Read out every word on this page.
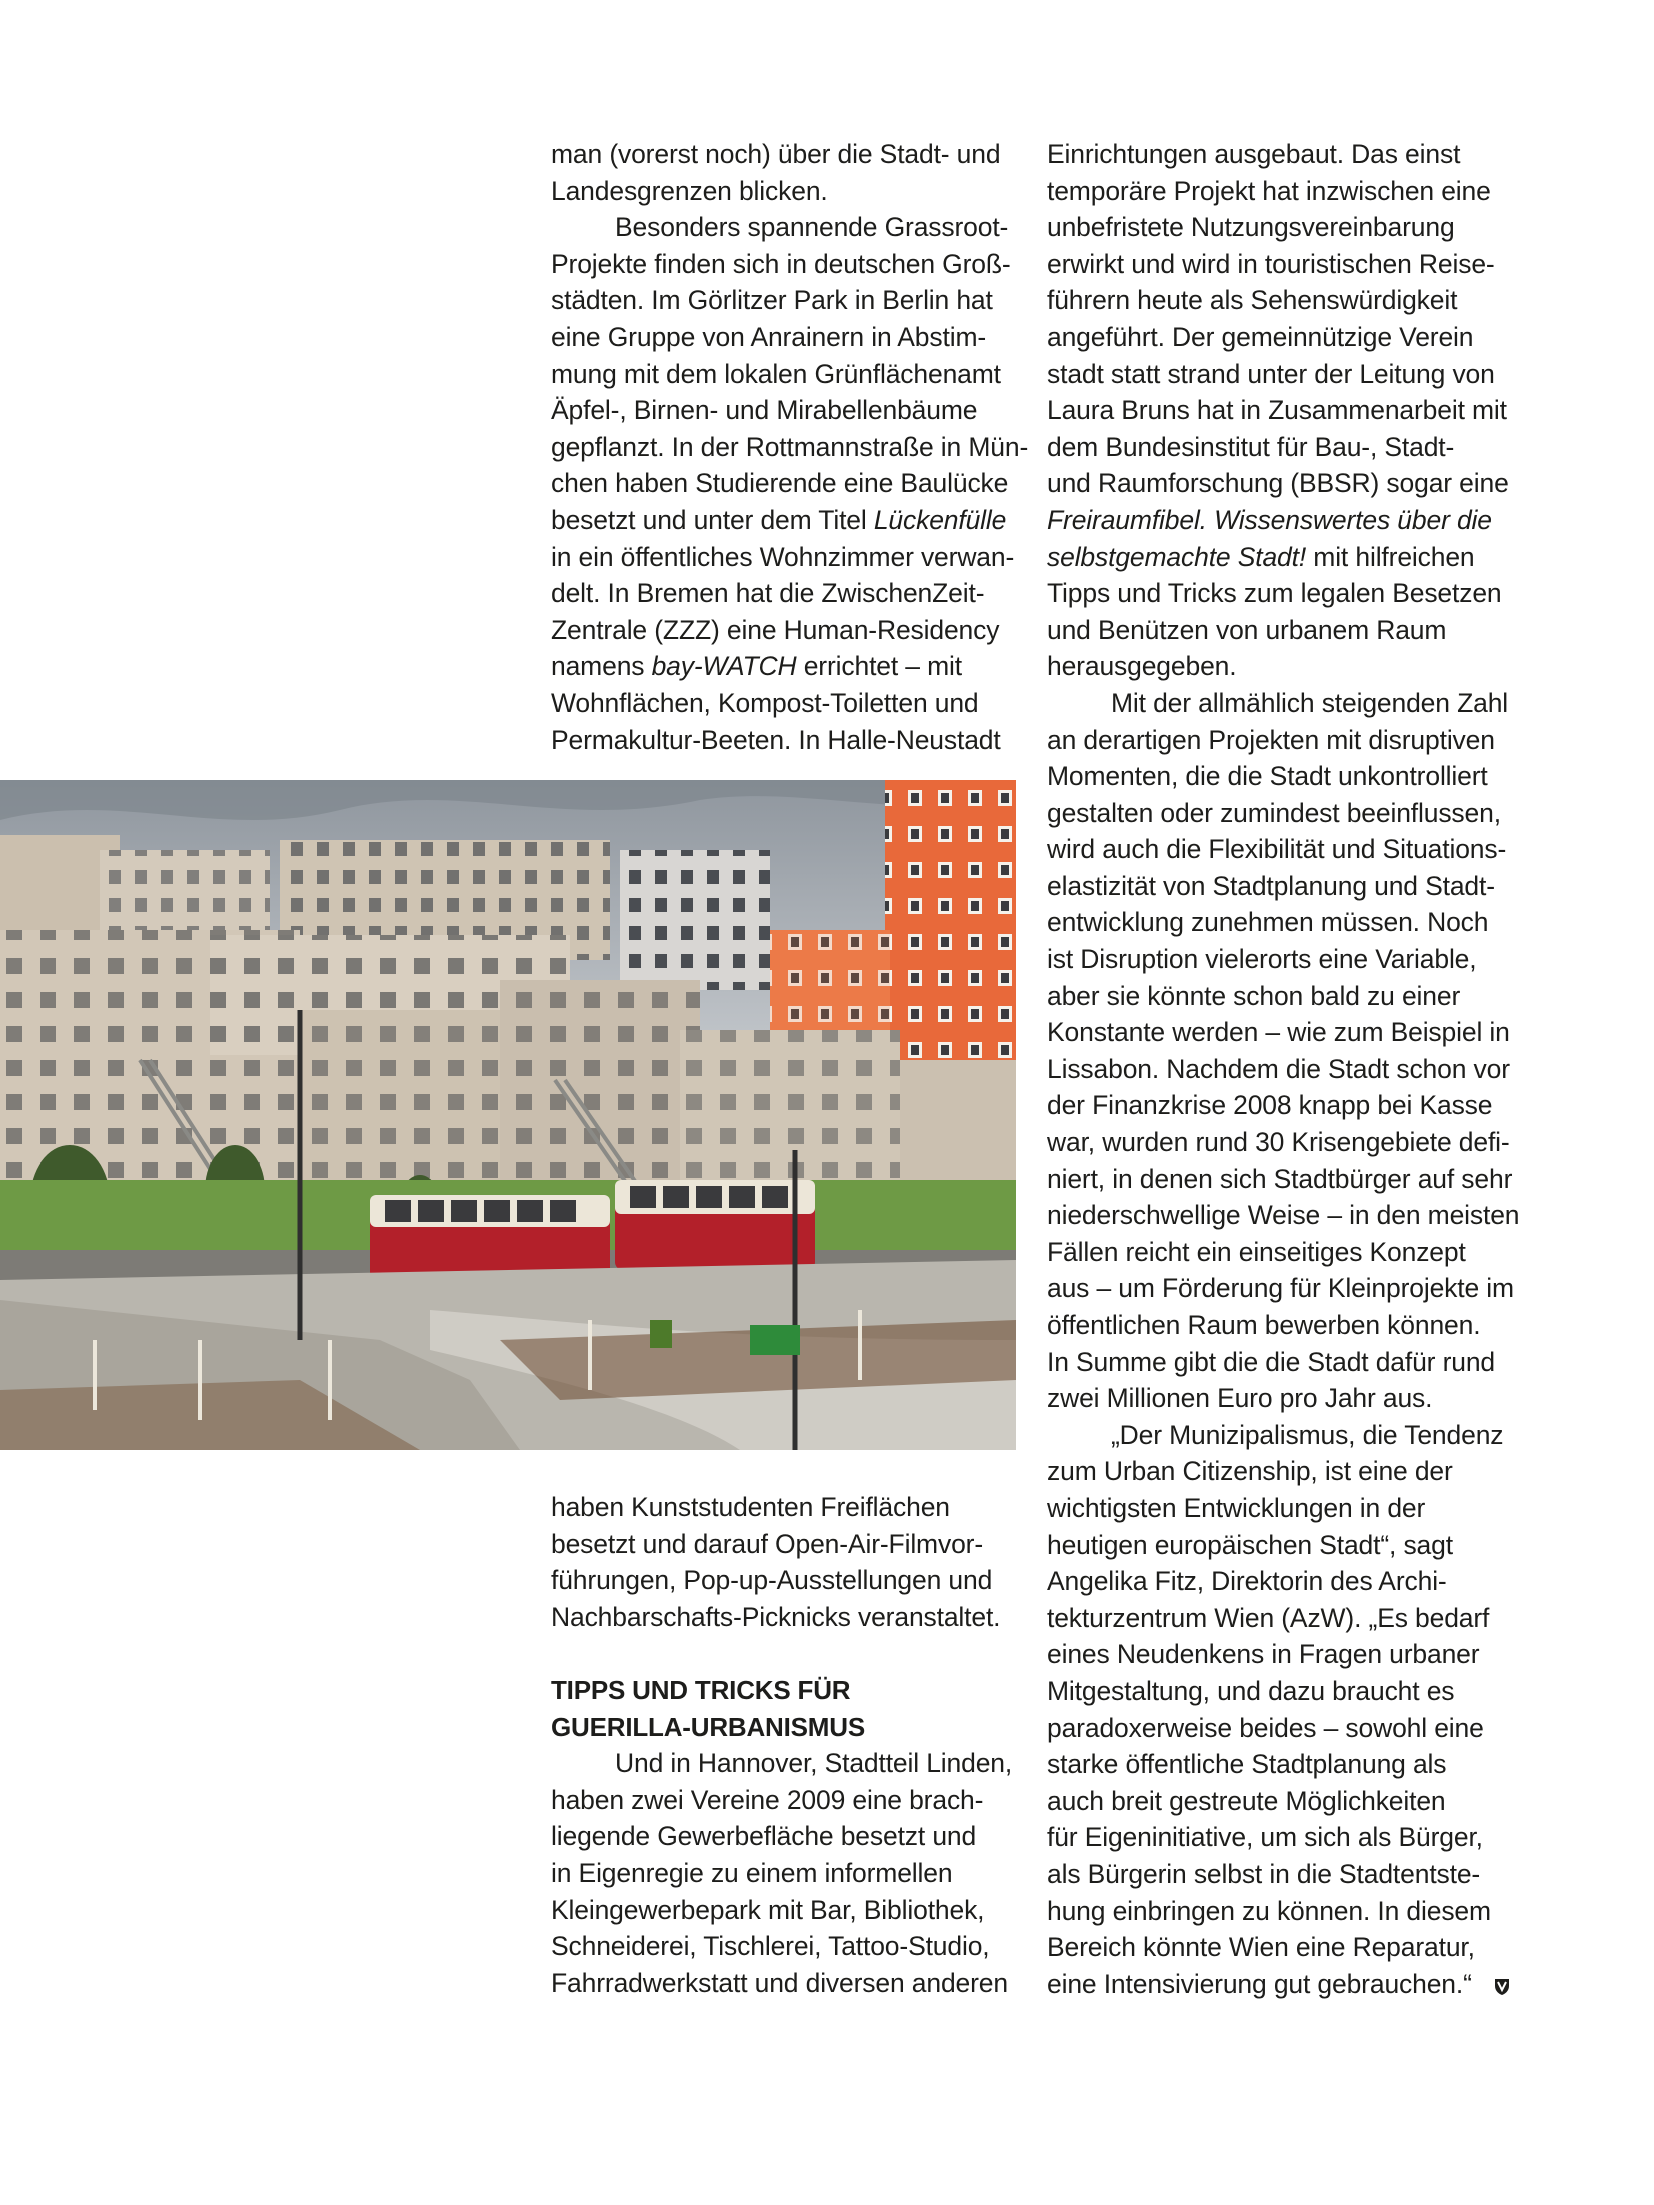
man (vorerst noch) über die Stadt- und

Landesgrenzen blicken.

Besonders spannende Grassroot-

Projekte finden sich in deutschen Groß-

städten. Im Görlitzer Park in Berlin hat

eine Gruppe von Anrainern in Abstim-

mung mit dem lokalen Grünflächenamt

Äpfel-, Birnen- und Mirabellenbäume

gepflanzt. In der Rottmannstraße in Mün-

chen haben Studierende eine Baulücke

besetzt und unter dem Titel Lückenfülle

in ein öffentliches Wohnzimmer verwan-

delt. In Bremen hat die ZwischenZeit-

Zentrale (ZZZ) eine Human-Residency

namens bay-WATCH errichtet – mit

Wohnflächen, Kompost-Toiletten und

Permakultur-Beeten. In Halle-Neustadt

haben Kunststudenten Freiflächen

besetzt und darauf Open-Air-Filmvor-

führungen, Pop-up-Ausstellungen und

Nachbarschafts-Picknicks veranstaltet.

TIPPS UND TRICKS FÜR
GUERILLA-URBANISMUS

Und in Hannover, Stadtteil Linden,

haben zwei Vereine 2009 eine brach-

liegende Gewerbefläche besetzt und

in Eigenregie zu einem informellen

Kleingewerbepark mit Bar, Bibliothek,

Schneiderei, Tischlerei, Tattoo-Studio,

Fahrradwerkstatt und diversen anderen

Einrichtungen ausgebaut. Das einst

temporäre Projekt hat inzwischen eine

unbefristete Nutzungsvereinbarung

erwirkt und wird in touristischen Reise-

führern heute als Sehenswürdigkeit

angeführt. Der gemeinnützige Verein

stadt statt strand unter der Leitung von

Laura Bruns hat in Zusammenarbeit mit

dem Bundesinstitut für Bau-, Stadt-

und Raumforschung (BBSR) sogar eine

Freiraumfibel. Wissenswertes über die

selbstgemachte Stadt! mit hilfreichen

Tipps und Tricks zum legalen Besetzen

und Benützen von urbanem Raum

herausgegeben.

Mit der allmählich steigenden Zahl

an derartigen Projekten mit disruptiven

Momenten, die die Stadt unkontrolliert

gestalten oder zumindest beeinflussen,

wird auch die Flexibilität und Situations-

elastizität von Stadtplanung und Stadt-

entwicklung zunehmen müssen. Noch

ist Disruption vielerorts eine Variable,

aber sie könnte schon bald zu einer

Konstante werden – wie zum Beispiel in

Lissabon. Nachdem die Stadt schon vor

der Finanzkrise 2008 knapp bei Kasse

war, wurden rund 30 Krisengebiete defi-

niert, in denen sich Stadtbürger auf sehr

niederschwellige Weise – in den meisten

Fällen reicht ein einseitiges Konzept

aus – um Förderung für Kleinprojekte im

öffentlichen Raum bewerben können.

In Summe gibt die die Stadt dafür rund

zwei Millionen Euro pro Jahr aus.

„Der Munizipalismus, die Tendenz

zum Urban Citizenship, ist eine der

wichtigsten Entwicklungen in der

heutigen europäischen Stadt“, sagt

Angelika Fitz, Direktorin des Archi-

tekturzentrum Wien (AzW). „Es bedarf

eines Neudenkens in Fragen urbaner

Mitgestaltung, und dazu braucht es

paradoxerweise beides – sowohl eine

starke öffentliche Stadtplanung als

auch breit gestreute Möglichkeiten

für Eigeninitiative, um sich als Bürger,

als Bürgerin selbst in die Stadtentste-

hung einbringen zu können. In diesem

Bereich könnte Wien eine Reparatur,

eine Intensivierung gut gebrauchen.“
